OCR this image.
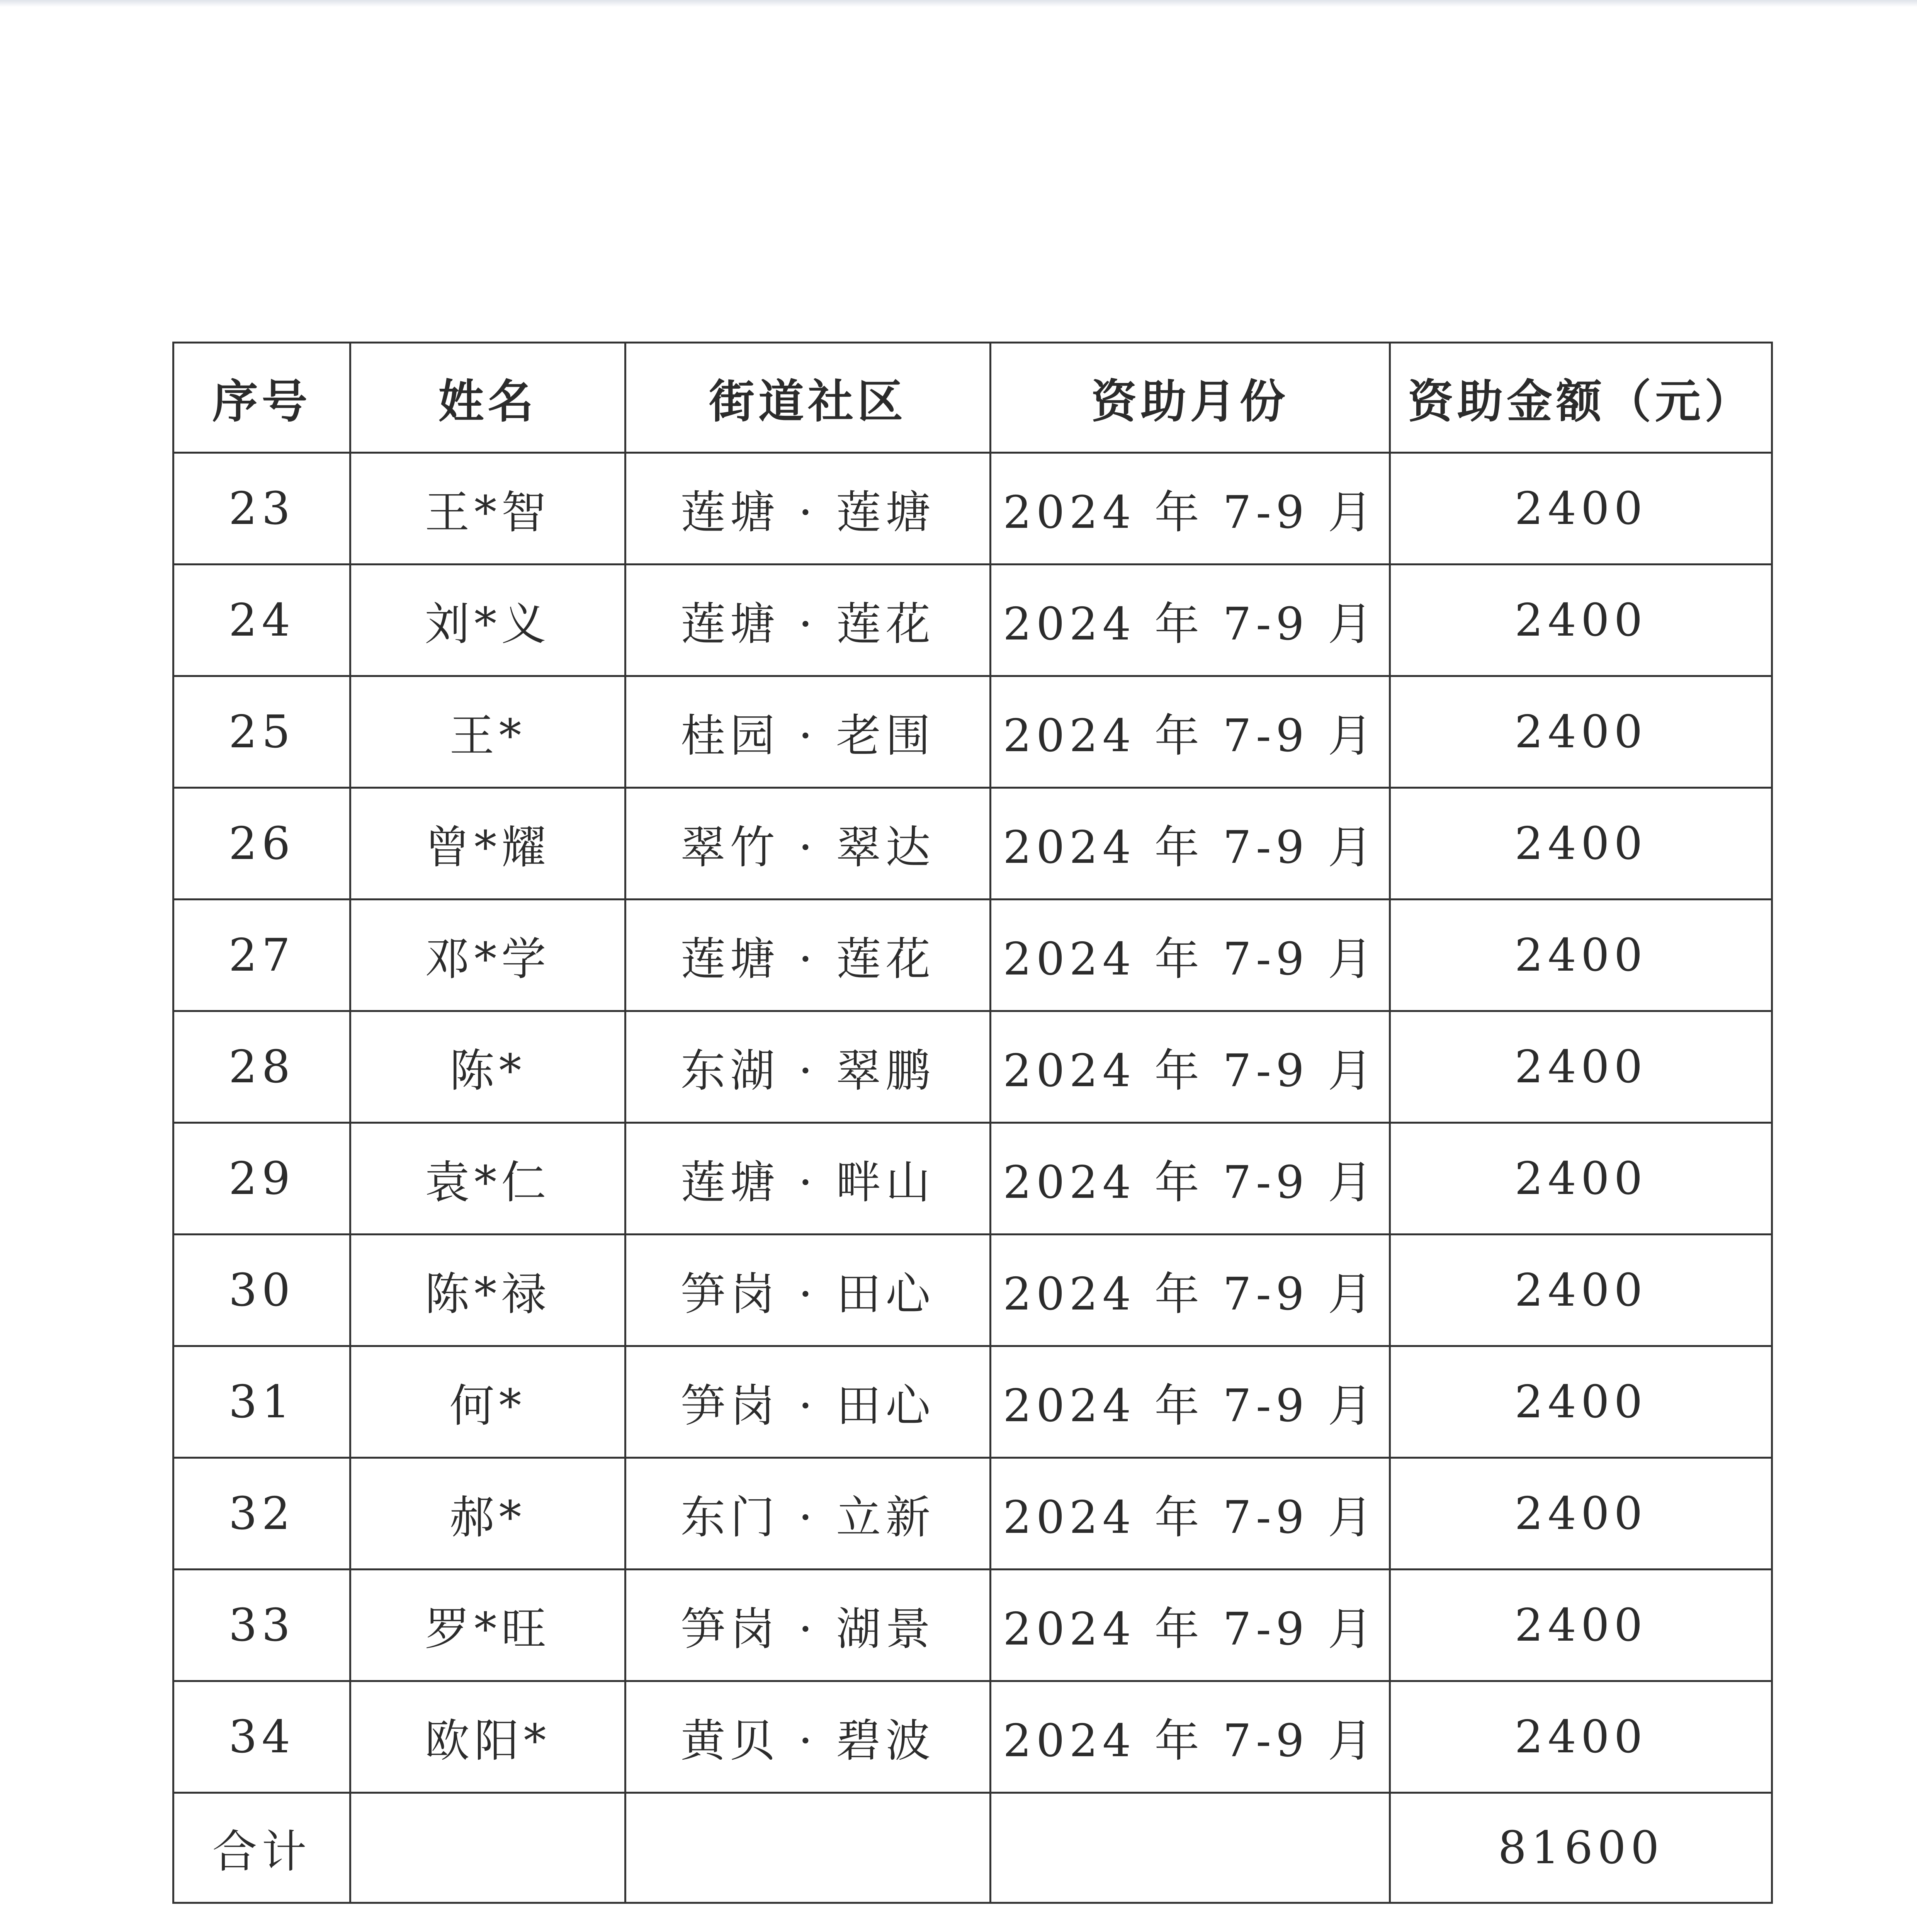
序号	姓名	街道社区	资助月份	资助金额（元）
23	王*智	莲塘 · 莲塘	2024 年 7-9 月	2400
24	刘*义	莲塘 · 莲花	2024 年 7-9 月	2400
25	王*	桂园 · 老围	2024 年 7-9 月	2400
26	曾*耀	翠竹 · 翠达	2024 年 7-9 月	2400
27	邓*学	莲塘 · 莲花	2024 年 7-9 月	2400
28	陈*	东湖 · 翠鹏	2024 年 7-9 月	2400
29	袁*仁	莲塘 · 畔山	2024 年 7-9 月	2400
30	陈*禄	笋岗 · 田心	2024 年 7-9 月	2400
31	何*	笋岗 · 田心	2024 年 7-9 月	2400
32	郝*	东门 · 立新	2024 年 7-9 月	2400
33	罗*旺	笋岗 · 湖景	2024 年 7-9 月	2400
34	欧阳*	黄贝 · 碧波	2024 年 7-9 月	2400
合计				81600
